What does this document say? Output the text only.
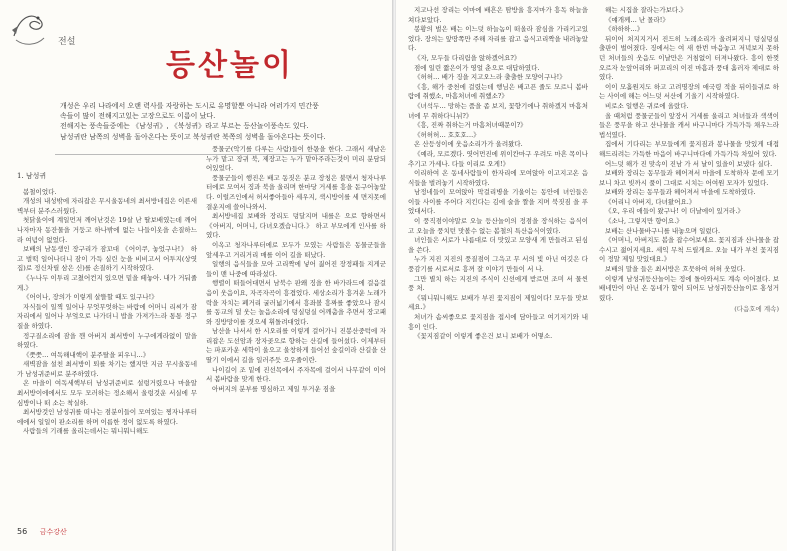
전설
등산놀이

개성은 우리 나라에서 오랜 력사를 자랑하는 도시로 유명할뿐 아니라 여러가지 민간풍

속들이 많이 전해지고있는 고장으로도 이름이 났다.

전해지는 풍속들중에는 《남성귀》, 《북성귀》라고 부르는 등산놀이풍속도 있다.

남성귀란 남쪽의 성벽을 돌아온다는 뜻이고 북성귀란 북쪽의 성벽을 돌아온다는 뜻이다.

1. 남성귀

봄철이었다.

개성의 내성밖에 자리잡은 무시울동네의 최서방네집은 이른새벽부터 분주스러웠다.

첫닭울이에 계일먼저 깨어난것은 19살 난 딸보배였는데 깨어나자마자 동잔물을 거둥고 하나밖에 없는 나들이옷을 손질하느라 여념이 없었다.

보배의 남동생인 장구리가 잠꼬대 《어이쿠, 놓었구나!》 하고 벌떡 일어나더니 잠이 가득 실린 눈을 비비고서 어투지(상엿집)로 정신차릴 삼은 신)를 손질하기 시작하였다.

《누나두 이투리 고쳤어컨지 있으면 밑을 떼놓아. 내가 거둬줄게.》

《어이나, 장의가 이렇게 살뜰할 때도 있구나!》

자식들이 일찍 일어나 무엇무엇하는 바람에 어머니 리씨가 잠자리에서 일어나 부엌으로 나가더니 밥을 가져가느라 통통 정구질을 하였다.

정구질소리에 잠을 깬 아버지 최서방이 누구에게라없이 말을 하였다.

《쯧쯧… 여독해내핵이 분주탈을 피우니…》

새벽잠을 설친 최서방이 퇴를 차기는 했지만 지금 무시울동네가 남성귀준비로 분주하였다.

온 마을이 여독세핵부터 남성귀준비로 설렁거렸으나 마을알 최서방이에에서도 모두 모러하는 정소해서 울렁것운 서실에 무심방이나 떠 소는 착실하.

최서방것인 남성귀를 떠나는 점분이들이 모여있는 찡자나루터에에서 일일이 판소리를 하며 이름한 정이 없도록 하였다.

사람들의 기래를 올리는데서는 뭐니뭐니해도

풍물군(악기를 다루는 사람)들이 한몫을 한다. 그래서 새날은 누가 맡고 장귀 북, 제장고는 누가 맡아주라는것이 미리 분담되어있었다.

풍물군들이 행진은 배고 동짓은 분교 장칭은 불면서 청자나루터에로 모여서 징과 북을 울리며 한마당 거세를 흥을 돋구어놓았다. 이럴즈인에서 허서좋아들아 세우지, 색시방이를 세 면지못에 결운지에 쓸어나와서.

최서방네집 보배와 장리도 덩달지며 내를은 으로 향하면서 《아버지, 어머니, 다녀오겠습니다.》 하고 부모에게 인사를 하였다.

이옥고 청자나루터에로 모두가 모였는 사람들은 동물군들을 앞세우고 거리거리 매를 이어 길을 떠났다.

일행의 음식들을 모아 고리짝에 넣어 짊어진 장정패들 지게군들이 맨 나중에 따라섰다.

행렬이 떠들어대면서 남북수 판왜 징을 한 바가라드에 걸음걸음이 웃음이요, 자곡자곡이 흥겹었다. 세상소리가 흥겨운 노래가락을 자치는 폐거리 굴러넓기에서 흥좌볼 흥짜를 좋았으나 잠시를 동교의 덜 웃는 놀음소리에 덩실덩실 어깨춤을 추면서 장고패와 징방망이를 겻으세 휘돌려대었다.

남산을 나서서 한 시오리를 이렇게 걸어가니 진봉산중턱에 자리잡은 도선암과 장자곶으로 향하는 산길에 들어섰다. 이제부터는 파포카운 세학이 울으고 울창하게 들어선 숲길이라 산길을 산딸기 이에서 길을 일러주듯 으우줄이란.

나이길이 조 밑에 진선목에서 주자목에 걸이서 나무같이 이어서 봄바람을 맞게 한다.

아버지의 분부를 명심하고 제일 투거운 짐을

56 금수강산

지고나선 장리는 이마에 배흔은 땀방울 흥지마가 흥독 하늘을 쳐다보았다.

봉황의 벌은 배는 이느덧 하늘놈이 떠올라 잠심을 가리키고있었다. 장의는 앞땅쪽만 주해 자리를 잡고 음식고리짝을 내려놓았다.

《자, 모두들 다리림을 앉하겠어요?》

점에 일린 짧은이가 영얼 춘으로 대답하였다.

《허허… 배가 징을 지고오느라 출출한 모양이구나!》

《흥, 해가 중천에 걸렸는데 행님은 배고픈 줄도 모르니 봄바람에 취했소, 마흠처녀에 취했소?》

《녀석두… 망하는 품을 좀 보지, 꽃향기에나 취하겠지 마흠처녀에 무 취하다니뉘?》

《흥, 진짜 취하는거 마흠처녀때문이?》

《허허허… 호호호…》

온 산등성이에 웃음소리가가 울려왔다.

《예라, 모르겠다. 엿어먼진에 위이칸마구 우려도 마흔 목이나 추기고 가세나. 다들 이리로 오게!》

이리하여 온 동네사람들이 한자리에 모여앉아 이고지고온 음식들을 벌려놓기 시작하였다.

남정네들이 모여앉아 막걸리병을 기울이는 동안에 녀인들은 이들 사이를 주어다 지킨다는 김에 술을 짤을 지며 북짓짐 을 푸었대서다.

이 풍직점이야말로 오늘 등산놀이의 정점을 장식하는 음식이고 오늘을 풍치턴 맛볼수 없는 봄철의 특산음식이였다.

녀인들은 서로가 나름대로 더 맛있고 모양새 게 만들려고 된심을 쓴다.

누가 지진 지진의 풍질점이 그윽고 무 서의 빛 아닌 여깃은 다 풍감기를 서로서로 흥꺼 잘 이야기 만들이 서 나.

그만 별치 하는 지진의 주식이 신선에게 받르면 조미 서 물씬 풍 처.

《뭐니뭐니해도 보배가 부진 꽃지짐이 제일이다! 모두들 맛보세요.》

처녀가 솜씨좋으로 꽃지짐을 접시에 담아들고 여기저기와 내흥이 인다.

《꽃지짐같이 이렇게 좋은건 보니 보배가 어떻소.

해는 시집을 잘라는가보다.》

《얘개께… 난 몰라!》

《하하하…》

뒤이어 처지지거서 진드히 노래소리가 울려퍼지니 덩실덩실 출판이 벌어졌다. 징에서는 여 새 한번 마음놓고 저녁보지 못하던 처녀들의 웃음도 이날만은 거침없이 터져나왔다. 흥이 한껏 오르자 눈앞어리와 퍼꼬리의 이진 마흠과 풍대 흘러자 제대로 하였다.

이이 모흘원지도 하고 고려명장의 애국령 적을 뒤이들귀로 하는 사이에 해는 어느덧 서산에 기울기 시작하였다.

비로소 일행은 귀로에 올랐다.

올 때처럼 풍물군들이 앞장서 거세를 울리고 처녀들과 색색이들은 풍무을 하고 산나물을 캐서 바구니마다 가득가득 채우느라 법석였다.

집에서 기다리는 부모들에게 꽃지짐과 봉나물을 맛있게 대접해드리려는 가득한 마음이 바구니마다에 가득가득 차있어 있다.

어느덧 해가 진 맞속이 진남 가 서 날이 있을이 보냈다 실다.

보배와 장리는 동무들과 헤어져서 마을에 도착하자 문에 모기보니 차고 빚까시 풀이 그대로 시치는 어여원 모자가 있었다.

보배와 장리는 동무들과 헤어져서 마을에 도착하였다.

《어리니 아버지, 다녀왔어요.》

《오, 우리 애들이 왔구나! 이 더날에이 있거라.》

《소나, 그렇지만 향이요.》

보배는 산나물바구니를 내놓으며 일렀다.

《어머니, 아버지도 봄을 잡수어보세요. 꽃지짐과 산나물을 잡수시고 젊어지세요. 세익 무척 드릴게요. 오늘 내가 부친 꽃지짐이 정말 제일 맛있대요.》

보배의 말을 들은 최서방은 흐뭇하여 허허 웃었다.

이렇게 남성귀등산놀이는 정에 돌아와서도 계속 이어졌다. 보배네만이 아닌 온 동네가 할이 되어도 남성귀등산놀이로 홍성거렸다.

(다음호에 계속)
